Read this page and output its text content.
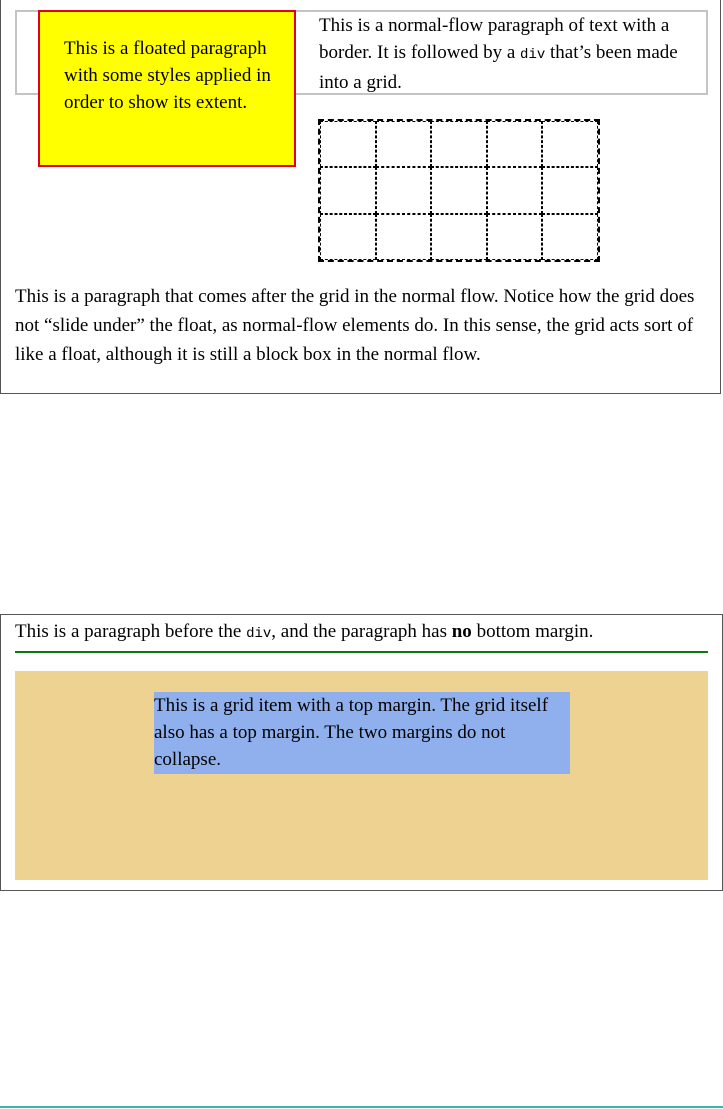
This is a normal-flow paragraph of text with a border. It is followed by a div that’s been made into a grid.

This is a floated paragraph with some styles applied in order to show its extent.

This is a paragraph that comes after the grid in the normal flow. Notice how the grid does not “slide under” the float, as normal-flow elements do. In this sense, the grid acts sort of like a float, although it is still a block box in the normal flow.

This is a paragraph before the div, and the paragraph has no bottom margin.

This is a grid item with a top margin. The grid itself also has a top margin. The two margins do not collapse.
